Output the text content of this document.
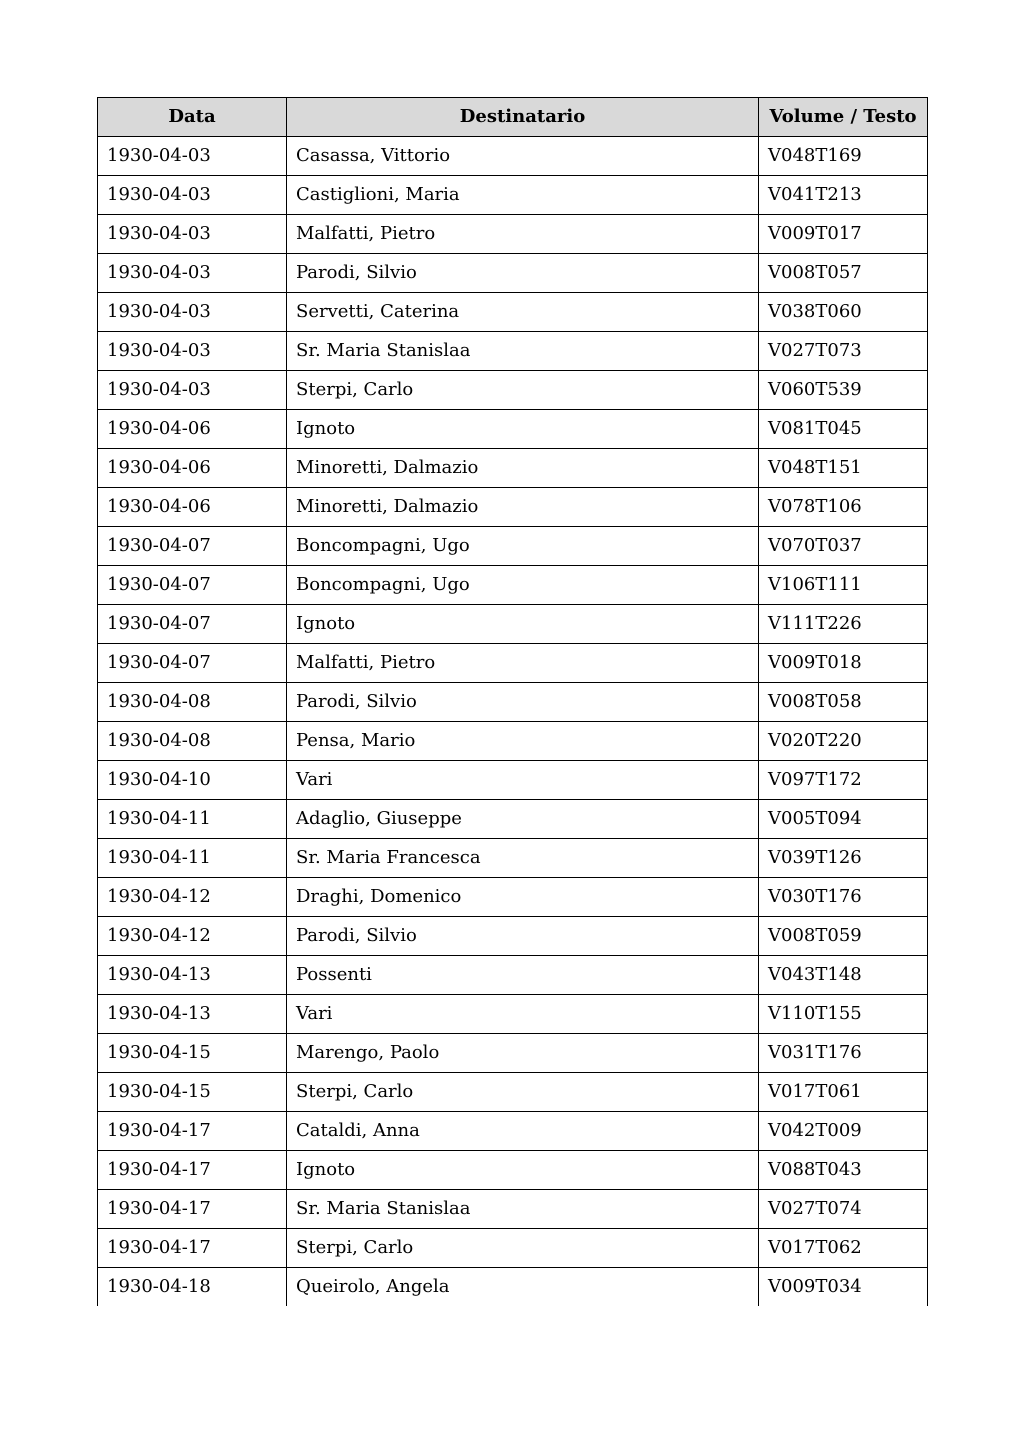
Data	Destinatario	Volume / Testo
1930-04-03	Casassa, Vittorio	V048T169
1930-04-03	Castiglioni, Maria	V041T213
1930-04-03	Malfatti, Pietro	V009T017
1930-04-03	Parodi, Silvio	V008T057
1930-04-03	Servetti, Caterina	V038T060
1930-04-03	Sr. Maria Stanislaa	V027T073
1930-04-03	Sterpi, Carlo	V060T539
1930-04-06	Ignoto	V081T045
1930-04-06	Minoretti, Dalmazio	V048T151
1930-04-06	Minoretti, Dalmazio	V078T106
1930-04-07	Boncompagni, Ugo	V070T037
1930-04-07	Boncompagni, Ugo	V106T111
1930-04-07	Ignoto	V111T226
1930-04-07	Malfatti, Pietro	V009T018
1930-04-08	Parodi, Silvio	V008T058
1930-04-08	Pensa, Mario	V020T220
1930-04-10	Vari	V097T172
1930-04-11	Adaglio, Giuseppe	V005T094
1930-04-11	Sr. Maria Francesca	V039T126
1930-04-12	Draghi, Domenico	V030T176
1930-04-12	Parodi, Silvio	V008T059
1930-04-13	Possenti	V043T148
1930-04-13	Vari	V110T155
1930-04-15	Marengo, Paolo	V031T176
1930-04-15	Sterpi, Carlo	V017T061
1930-04-17	Cataldi, Anna	V042T009
1930-04-17	Ignoto	V088T043
1930-04-17	Sr. Maria Stanislaa	V027T074
1930-04-17	Sterpi, Carlo	V017T062
1930-04-18	Queirolo, Angela	V009T034
